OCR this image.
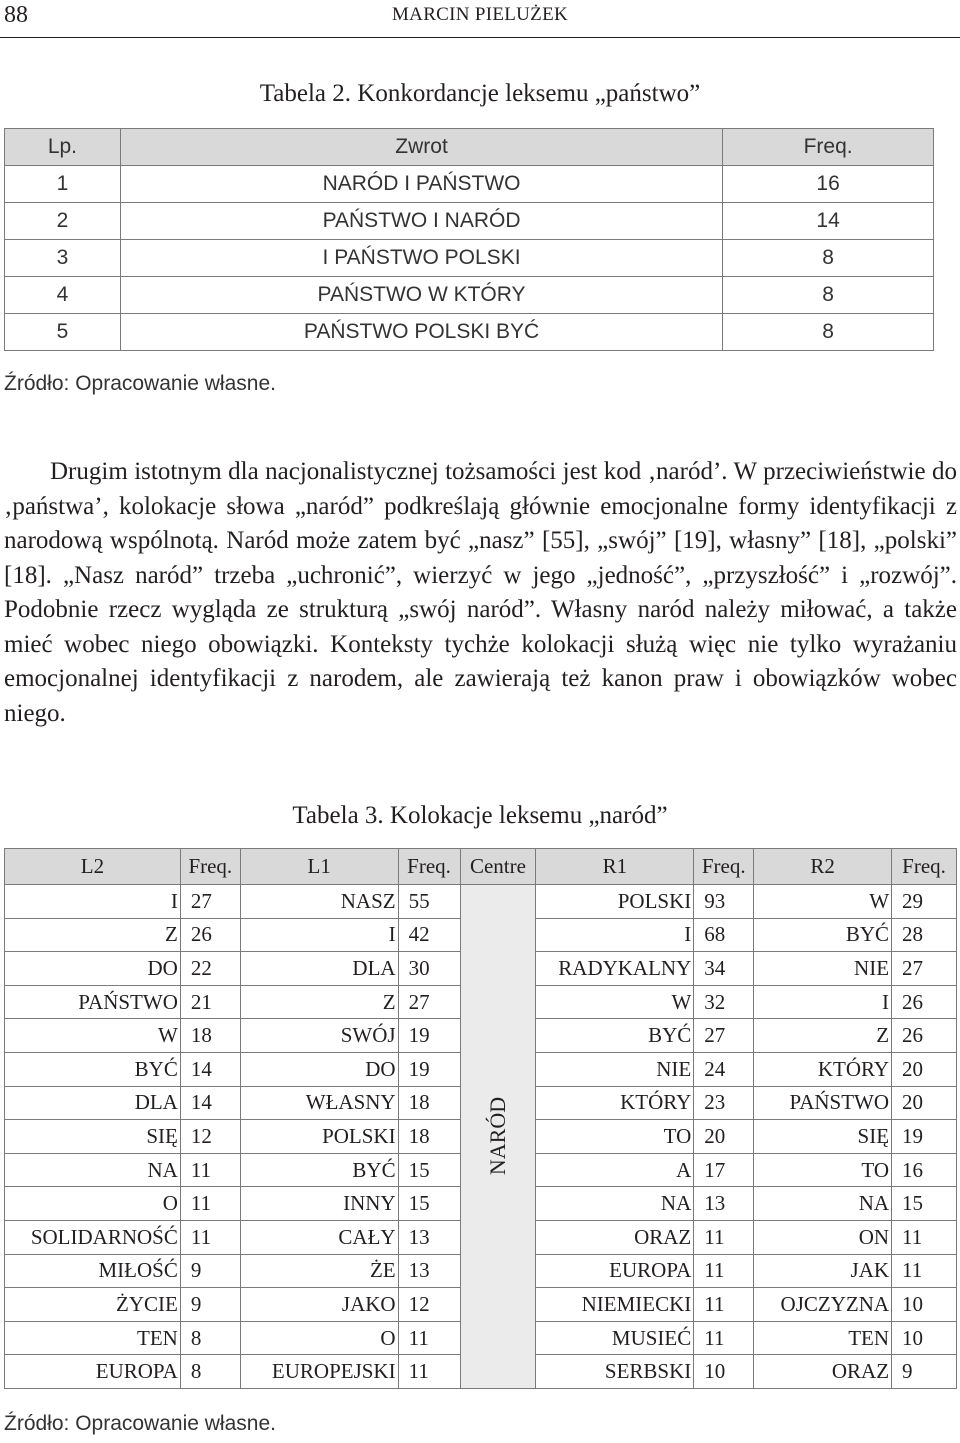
88	MARCIN PIELUŻEK
Tabela 2. Konkordancje leksemu „państwo”
Lp.	Zwrot	Freq.
1	NARÓD I PAŃSTWO	16
2	PAŃSTWO I NARÓD	14
3	I PAŃSTWO POLSKI	8
4	PAŃSTWO W KTÓRY	8
5	PAŃSTWO POLSKI BYĆ	8
Źródło: Opracowanie własne.

Drugim istotnym dla nacjonalistycznej tożsamości jest kod ‚naród’. W przeciwieństwie do ‚państwa’, kolokacje słowa „naród” podkreślają głównie emocjonalne formy identyfikacji z narodową wspólnotą. Naród może zatem być „nasz” [55], „swój” [19], własny” [18], „polski” [18]. „Nasz naród” trzeba „uchronić”, wierzyć w jego „jedność”, „przyszłość” i „rozwój”. Podobnie rzecz wygląda ze strukturą „swój naród”. Własny naród należy miłować, a także mieć wobec niego obowiązki. Konteksty tychże kolokacji służą więc nie tylko wyrażaniu emocjonalnej identyfikacji z narodem, ale zawierają też kanon praw i obowiązków wobec niego.

Tabela 3. Kolokacje leksemu „naród”
L2	Freq.	L1	Freq.	Centre	R1	Freq.	R2	Freq.
I	27	NASZ	55	NARÓD	POLSKI	93	W	29
Z	26	I	42		I	68	BYĆ	28
DO	22	DLA	30		RADYKALNY	34	NIE	27
PAŃSTWO	21	Z	27		W	32	I	26
W	18	SWÓJ	19		BYĆ	27	Z	26
BYĆ	14	DO	19		NIE	24	KTÓRY	20
DLA	14	WŁASNY	18		KTÓRY	23	PAŃSTWO	20
SIĘ	12	POLSKI	18		TO	20	SIĘ	19
NA	11	BYĆ	15		A	17	TO	16
O	11	INNY	15		NA	13	NA	15
SOLIDARNOŚĆ	11	CAŁY	13		ORAZ	11	ON	11
MIŁOŚĆ	9	ŻE	13		EUROPA	11	JAK	11
ŻYCIE	9	JAKO	12		NIEMIECKI	11	OJCZYZNA	10
TEN	8	O	11		MUSIEĆ	11	TEN	10
EUROPA	8	EUROPEJSKI	11		SERBSKI	10	ORAZ	9
Źródło: Opracowanie własne.
